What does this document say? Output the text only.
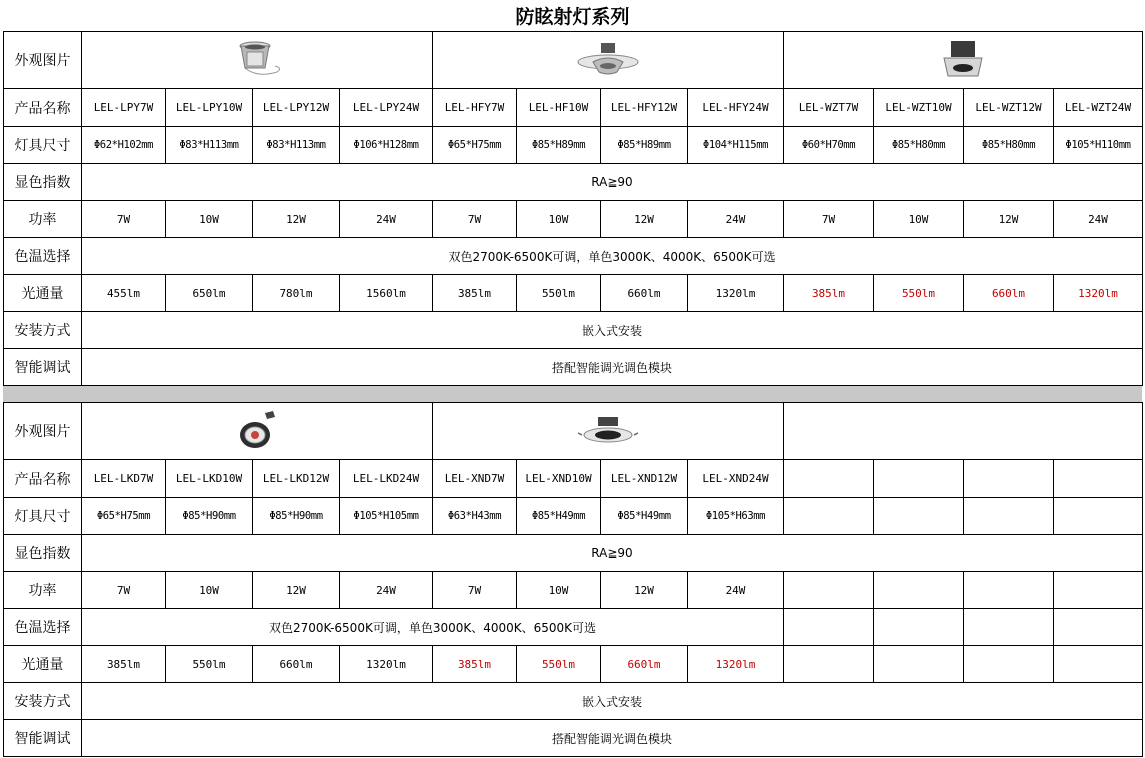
防眩射灯系列
外观图片	

产品名称	LEL-LPY7W	LEL-LPY10W	LEL-LPY12W	LEL-LPY24W	LEL-HFY7W	LEL-HF10W	LEL-HFY12W	LEL-HFY24W	LEL-WZT7W	LEL-WZT10W	LEL-WZT12W	LEL-WZT24W
灯具尺寸	Φ62*H102mm	Φ83*H113mm	Φ83*H113mm	Φ106*H128mm	Φ65*H75mm	Φ85*H89mm	Φ85*H89mm	Φ104*H115mm	Φ60*H70mm	Φ85*H80mm	Φ85*H80mm	Φ105*H110mm
显色指数	RA≧90											
功率	7W	10W	12W	24W	7W	10W	12W	24W	7W	10W	12W	24W
色温选择	双色2700K-6500K可调，单色3000K、4000K、6500K可选											
光通量	455lm	650lm	780lm	1560lm	385lm	550lm	660lm	1320lm	385lm	550lm	660lm	1320lm
安装方式	嵌入式安装											
智能调试	搭配智能调光调色模块											
外观图片	

产品名称	LEL-LKD7W	LEL-LKD10W	LEL-LKD12W	LEL-LKD24W	LEL-XND7W	LEL-XND10W	LEL-XND12W	LEL-XND24W				
灯具尺寸	Φ65*H75mm	Φ85*H90mm	Φ85*H90mm	Φ105*H105mm	Φ63*H43mm	Φ85*H49mm	Φ85*H49mm	Φ105*H63mm				
显色指数	RA≧90											
功率	7W	10W	12W	24W	7W	10W	12W	24W				
色温选择	双色2700K-6500K可调，单色3000K、4000K、6500K可选											
光通量	385lm	550lm	660lm	1320lm	385lm	550lm	660lm	1320lm				
安装方式	嵌入式安装											
智能调试	搭配智能调光调色模块											
